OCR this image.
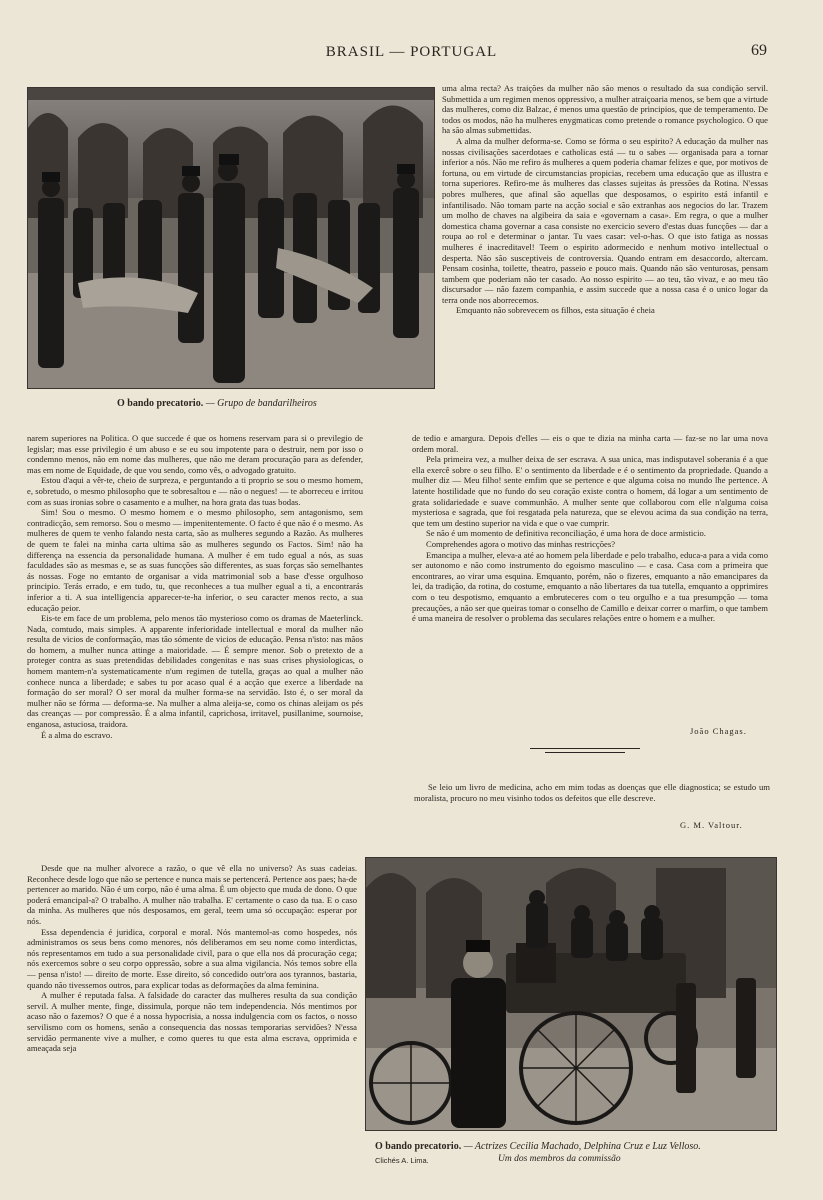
BRASIL — PORTUGAL	69
O bando precatorio. — Grupo de bandarilheiros

uma alma recta? As traições da mulher não são menos o resultado da sua condição servil. Submettida a um regimen menos oppressivo, a mulher atraiçoaria menos, se bem que a virtude das mulheres, como diz Balzac, é menos uma questão de principios, que de temperamento. De todos os modos, não ha mulheres enygmaticas como pretende o romance psychologico. O que ha são almas submettidas.

A alma da mulher deforma-se. Como se fórma o seu espirito? A educação da mulher nas nossas civilisações sacerdotaes e catholicas está — tu o sabes — organisada para a tornar inferior a nós. Não me refiro ás mulheres a quem poderia chamar felizes e que, por motivos de fortuna, ou em virtude de circumstancias propicias, recebem uma educação que as illustra e torna superiores. Refiro-me ás mulheres das classes sujeitas ás pressões da Rotina. N'essas pobres mulheres, que afinal são aquellas que desposamos, o espirito está infantil e infantilisado. Não tomam parte na acção social e são extranhas aos negocios do lar. Trazem um molho de chaves na algibeira da saia e «governam a casa». Em regra, o que a mulher domestica chama governar a casa consiste no exercicio severo d'estas duas funcções — dar a roupa ao rol e determinar o jantar. Tu vaes casar: vel-o-has. O que isto fatiga as nossas mulheres é inacreditavel! Teem o espirito adormecido e nenhum motivo intellectual o desperta. Não são susceptiveis de controversia. Quando entram em desaccordo, altercam. Pensam cosinha, toilette, theatro, passeio e pouco mais. Quando não são venturosas, pensam tambem que poderiam não ter casado. Ao nosso espirito — ao teu, tão vivaz, e ao meu tão discursador — não fazem companhia, e assim succede que a nossa casa é o unico logar da terra onde nos aborrecemos.

Emquanto não sobrevecem os filhos, esta situação é cheia

narem superiores na Politica. O que succede é que os homens reservam para si o previlegio de legislar; mas esse privilegio é um abuso e se eu sou impotente para o destruir, nem por isso o condemno menos, não em nome das mulheres, que não me deram procuração para as defender, mas em nome de Equidade, de que vou sendo, como vês, o advogado gratuito.

Estou d'aqui a vêr-te, cheio de surpreza, e perguntando a ti proprio se sou o mesmo homem, e, sobretudo, o mesmo philosopho que te sobresaltou e — não o negues! — te aborreceu e irritou com as suas ironias sobre o casamento e a mulher, na hora grata das tuas bodas.

Sim! Sou o mesmo. O mesmo homem e o mesmo philosopho, sem antagonismo, sem contradicção, sem remorso. Sou o mesmo — impenitentemente. O facto é que não é o mesmo. As mulheres de quem te venho falando nesta carta, são as mulheres segundo a Razão. As mulheres de quem te falei na minha carta ultima são as mulheres segundo os Factos. Sim! não ha differença na essencia da personalidade humana. A mulher é em tudo egual a nós, as suas faculdades são as mesmas e, se as suas funcções são differentes, as suas forças são semelhantes ás nossas. Foge no emtanto de organisar a vida matrimonial sob a base d'esse orgulhoso principio. Terás errado, e em tudo, tu, que reconheces a tua mulher egual a ti, a encontrarás inferior a ti. A sua intelligencia apparecer-te-ha inferior, o seu caracter menos recto, a sua educação peior.

Eis-te em face de um problema, pelo menos tão mysterioso como os dramas de Maeterlinck. Nada, comtudo, mais simples. A apparente inferioridade intellectual e moral da mulher não resulta de vicios de conformação, mas tão sómente de vicios de educação. Pensa n'isto: nas mãos do homem, a mulher nunca attinge a maioridade. — É sempre menor. Sob o pretexto de a proteger contra as suas pretendidas debilidades congenitas e nas suas crises physiologicas, o homem mantem-n'a systematicamente n'um regimen de tutella, graças ao qual a mulher não conhece nunca a liberdade; e sabes tu por acaso qual é a acção que exerce a liberdade na formação do ser moral? O ser moral da mulher forma-se na servidão. Isto é, o ser moral da mulher não se fórma — deforma-se. Na mulher a alma aleija-se, como os chinas aleijam os pés das creanças — por compressão. É a alma infantil, caprichosa, irritavel, pusillanime, sournoise, enganosa, astuciosa, traidora.

É a alma do escravo.

de tedio e amargura. Depois d'elles — eis o que te dizia na minha carta — faz-se no lar uma nova ordem moral.

Pela primeira vez, a mulher deixa de ser escrava. A sua unica, mas indisputavel soberania é a que ella exercê sobre o seu filho. E' o sentimento da liberdade e é o sentimento da propriedade. Quando a mulher diz — Meu filho! sente emfim que se pertence e que alguma coisa no mundo lhe pertence. A latente hostilidade que no fundo do seu coração existe contra o homem, dá logar a um sentimento de grata solidariedade e suave communhão. A mulher sente que collaborou com elle n'alguma coisa mysteriosa e sagrada, que foi resgatada pela natureza, que se elevou acima da sua condição na terra, que tem um destino superior na vida e que o vae cumprir.

Se não é um momento de definitiva reconciliação, é uma hora de doce armisticio.

Comprehendes agora o motivo das minhas restricções?

Emancipa a mulher, eleva-a até ao homem pela liberdade e pelo trabalho, educa-a para a vida como ser autonomo e não como instrumento do egoismo masculino — e casa. Casa com a primeira que encontrares, ao virar uma esquina. Emquanto, porém, não o fizeres, emquanto a não emancipares da lei, da tradição, da rotina, do costume, emquanto a não libertares da tua tutella, emquanto a opprimires com o teu despotismo, emquanto a embruteceres com o teu orgulho e a tua presumpção — toma precauções, a não ser que queiras tomar o conselho de Camillo e deixar correr o marfim, o que tambem é uma maneira de resolver o problema das seculares relações entre o homem e a mulher.

João Chagas.

Se leio um livro de medicina, acho em mim todas as doenças que elle diagnostica; se estudo um moralista, procuro no meu visinho todos os defeitos que elle descreve.

G. M. Valtour.

Desde que na mulher alvorece a razão, o que vê ella no universo? As suas cadeias. Reconhece desde logo que não se pertence e nunca mais se pertencerá. Pertence aos paes; ha-de pertencer ao marido. Não é um corpo, não é uma alma. É um objecto que muda de dono. O que poderá emancipal-a? O trabalho. A mulher não trabalha. E' certamente o caso da tua. E o caso da minha. As mulheres que nós desposamos, em geral, teem uma só occupação: esperar por nós.

Essa dependencia é juridica, corporal e moral. Nós mantemol-as como hospedes, nós administramos os seus bens como menores, nós deliberamos em seu nome como interdictas, nós representamos em tudo a sua personalidade civil, para o que ella nos dá procuração cega; nós exercemos sobre o seu corpo oppressão, sobre a sua alma vigilancia. Nós temos sobre ella — pensa n'isto! — direito de morte. Esse direito, só concedido outr'ora aos tyrannos, bastaria, quando não tivessemos outros, para explicar todas as deformações da alma feminina.

A mulher é reputada falsa. A falsidade do caracter das mulheres resulta da sua condição servil. A mulher mente, finge, dissimula, porque não tem independencia. Nós mentimos por acaso não o fazemos? O que é a nossa hypocrisia, a nossa indulgencia com os factos, o nosso servilismo com os homens, senão a consequencia das nossas temporarias servidões? N'essa servidão permanente vive a mulher, e como queres tu que esta alma escrava, opprimida e ameaçada seja

O bando precatorio. — Actrizes Cecilia Machado, Delphina Cruz e Luz Velloso.
Clichés A. Lima.	Um dos membros da commissão
